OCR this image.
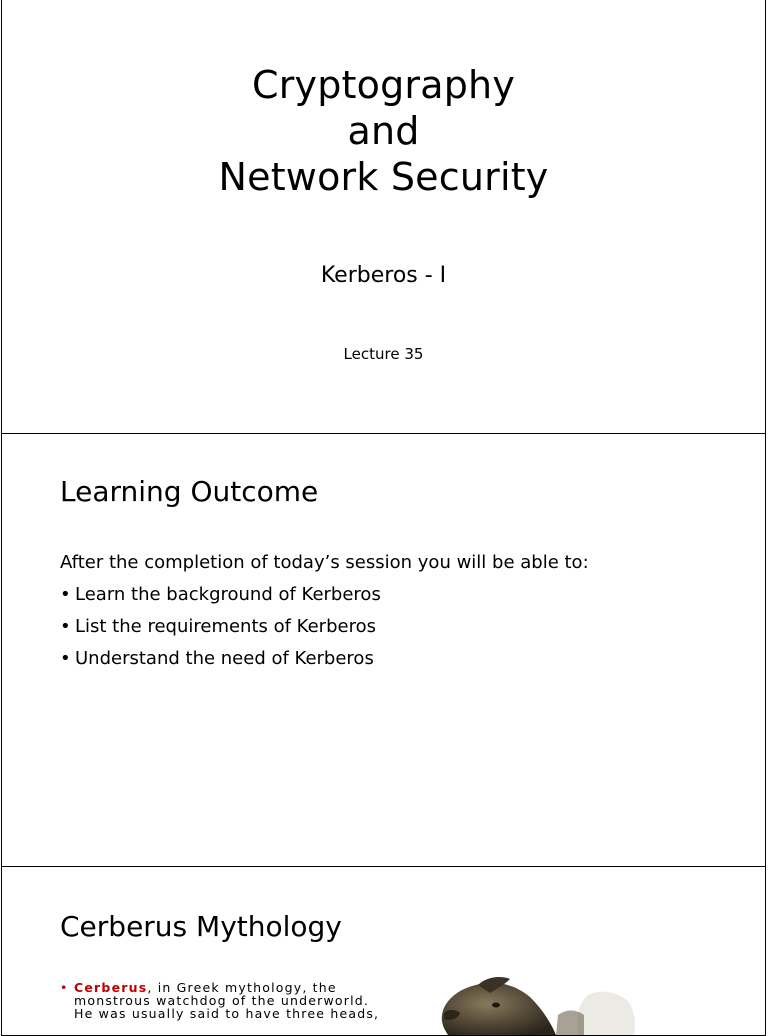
Cryptography
and
Network Security
Kerberos - I
Lecture 35
Learning Outcome
After the completion of today’s session you will be able to:
• Learn the background of Kerberos
• List the requirements of Kerberos
• Understand the need of Kerberos
Cerberus Mythology
• Cerberus, in Greek mythology, the
monstrous watchdog of the underworld.
He was usually said to have three heads,
